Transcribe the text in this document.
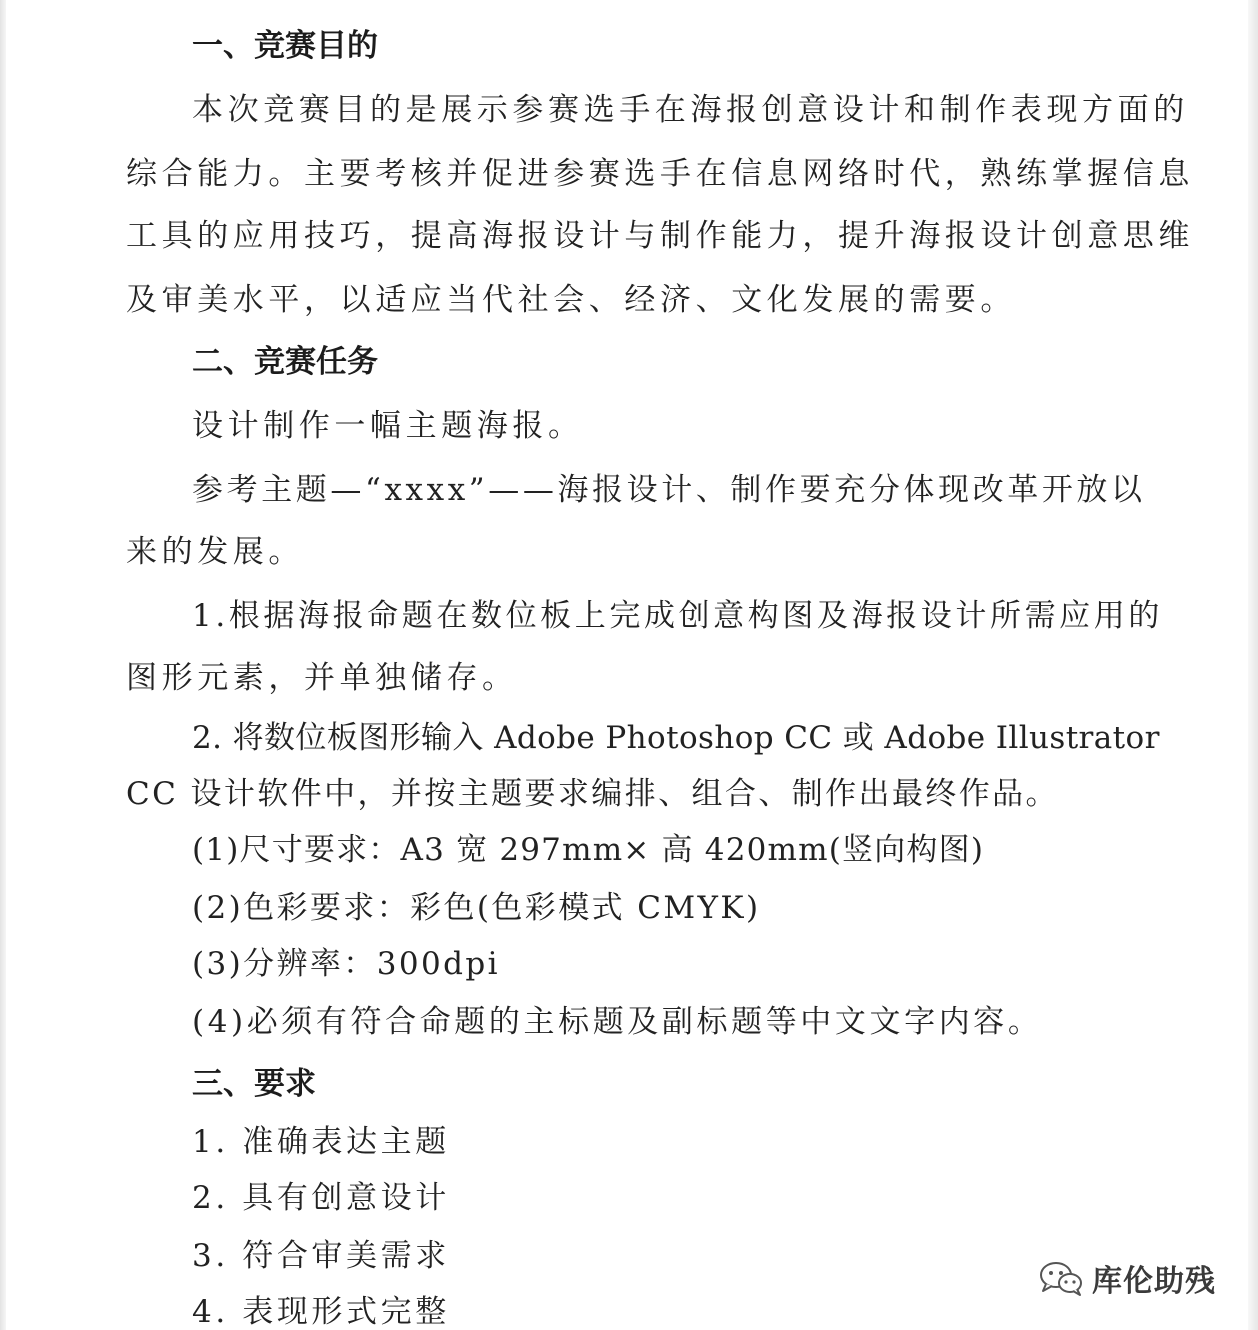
一、竞赛目的

本次竞赛目的是展示参赛选手在海报创意设计和制作表现方面的

综合能力。主要考核并促进参赛选手在信息网络时代，熟练掌握信息

工具的应用技巧，提高海报设计与制作能力，提升海报设计创意思维

及审美水平，以适应当代社会、经济、文化发展的需要。

二、竞赛任务

设计制作一幅主题海报。

参考主题—“xxxx”——海报设计、制作要充分体现改革开放以

来的发展。

1.根据海报命题在数位板上完成创意构图及海报设计所需应用的

图形元素，并单独储存。

2. 将数位板图形输入 Adobe Photoshop CC 或 Adobe Illustrator

CC 设计软件中，并按主题要求编排、组合、制作出最终作品。

(1)尺寸要求：A3 宽 297mm× 高 420mm(竖向构图)

(2)色彩要求：彩色(色彩模式 CMYK)

(3)分辨率：300dpi

(4)必须有符合命题的主标题及副标题等中文文字内容。

三、要求

1. 准确表达主题

2. 具有创意设计

3. 符合审美需求

4. 表现形式完整

库伦助残
